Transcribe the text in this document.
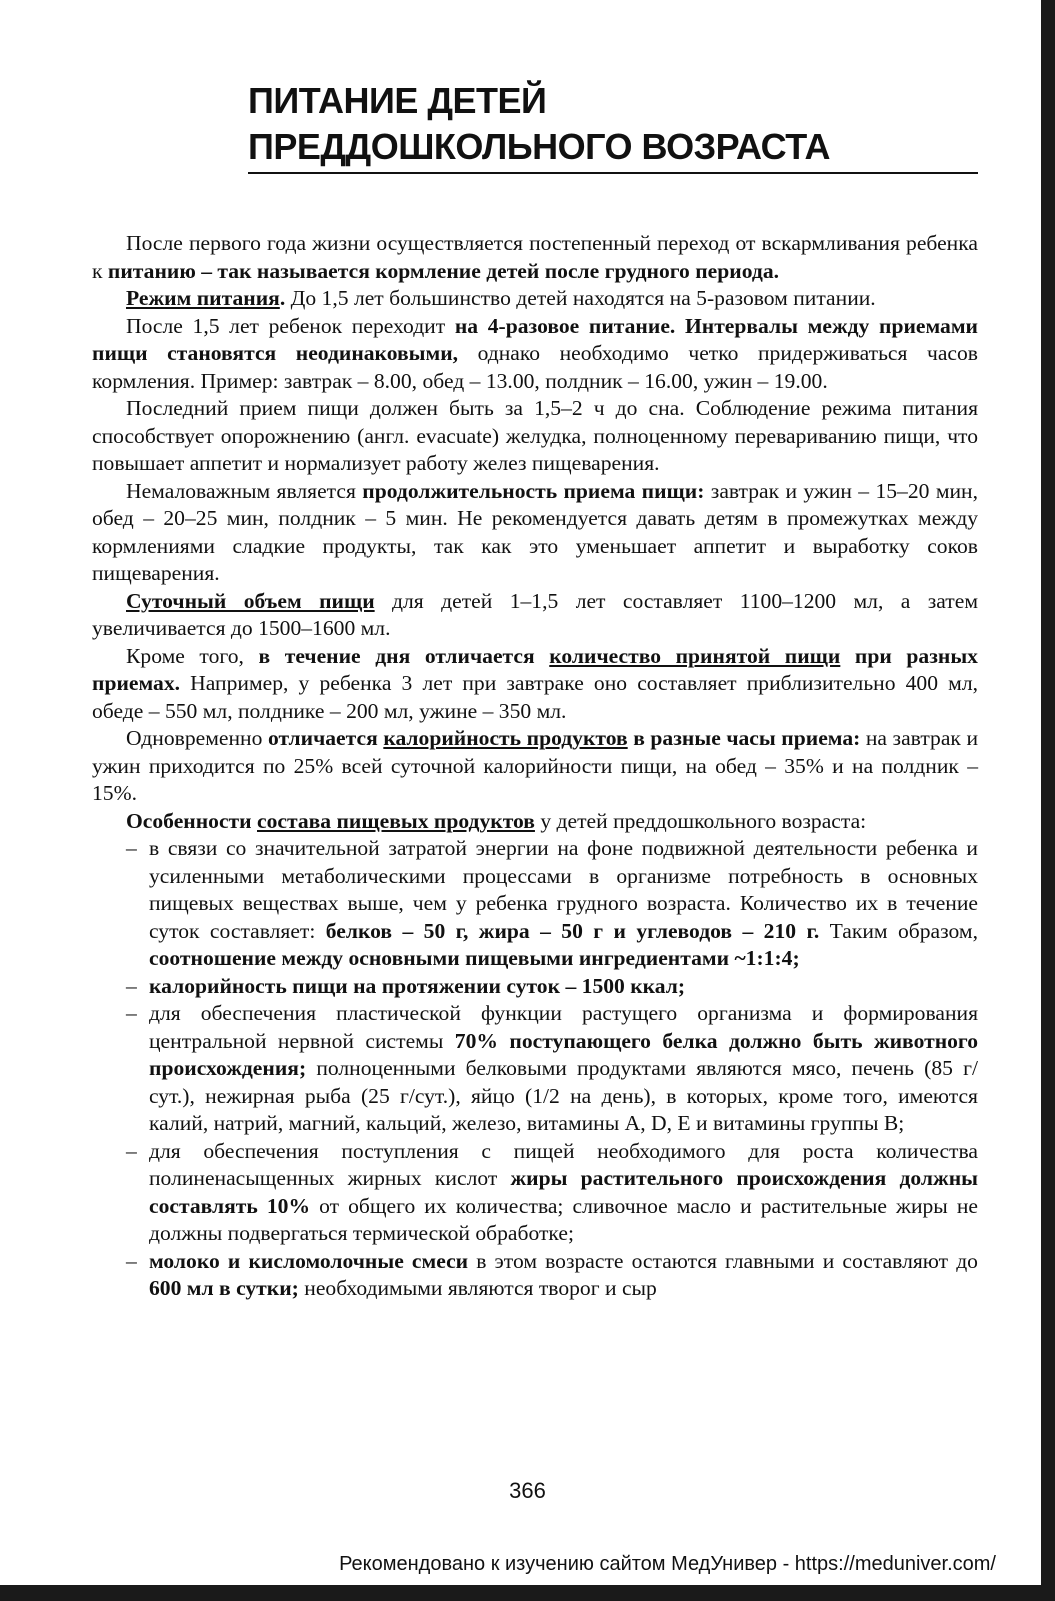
ПИТАНИЕ ДЕТЕЙ
ПРЕДДОШКОЛЬНОГО ВОЗРАСТА

После первого года жизни осуществляется постепенный переход от вскармливания ребенка к питанию – так называется кормление детей после грудного периода.

Режим питания. До 1,5 лет большинство детей находятся на 5-разовом питании.

После 1,5 лет ребенок переходит на 4-разовое питание. Интервалы между приемами пищи становятся неодинаковыми, однако необходимо четко придерживаться часов кормления. Пример: завтрак – 8.00, обед – 13.00, полдник – 16.00, ужин – 19.00.

Последний прием пищи должен быть за 1,5–2 ч до сна. Соблюдение режима питания способствует опорожнению (англ. evacuate) желудка, полноценному перевариванию пищи, что повышает аппетит и нормализует работу желез пищеварения.

Немаловажным является продолжительность приема пищи: завтрак и ужин – 15–20 мин, обед – 20–25 мин, полдник – 5 мин. Не рекомендуется давать детям в промежутках между кормлениями сладкие продукты, так как это уменьшает аппетит и выработку соков пищеварения.

Суточный объем пищи для детей 1–1,5 лет составляет 1100–1200 мл, а затем увеличивается до 1500–1600 мл.

Кроме того, в течение дня отличается количество принятой пищи при разных приемах. Например, у ребенка 3 лет при завтраке оно составляет приблизительно 400 мл, обеде – 550 мл, полднике – 200 мл, ужине – 350 мл.

Одновременно отличается калорийность продуктов в разные часы приема: на завтрак и ужин приходится по 25% всей суточной калорийности пищи, на обед – 35% и на полдник – 15%.

Особенности состава пищевых продуктов у детей преддошкольного возраста:

– в связи со значительной затратой энергии на фоне подвижной деятельности ребенка и усиленными метаболическими процессами в организме потребность в основных пищевых веществах выше, чем у ребенка грудного возраста. Количество их в течение суток составляет: белков – 50 г, жира – 50 г и углеводов – 210 г. Таким образом, соотношение между основными пищевыми ингредиентами ~1:1:4;
– калорийность пищи на протяжении суток – 1500 ккал;
– для обеспечения пластической функции растущего организма и формирования центральной нервной системы 70% поступающего белка должно быть животного происхождения; полноценными белковыми продуктами являются мясо, печень (85 г/сут.), нежирная рыба (25 г/сут.), яйцо (1/2 на день), в которых, кроме того, имеются калий, натрий, магний, кальций, железо, витамины A, D, E и витамины группы B;
– для обеспечения поступления с пищей необходимого для роста количества полиненасыщенных жирных кислот жиры растительного происхождения должны составлять 10% от общего их количества; сливочное масло и растительные жиры не должны подвергаться термической обработке;
– молоко и кисломолочные смеси в этом возрасте остаются главными и составляют до 600 мл в сутки; необходимыми являются творог и сыр
366
Рекомендовано к изучению сайтом МедУнивер - https://meduniver.com/
